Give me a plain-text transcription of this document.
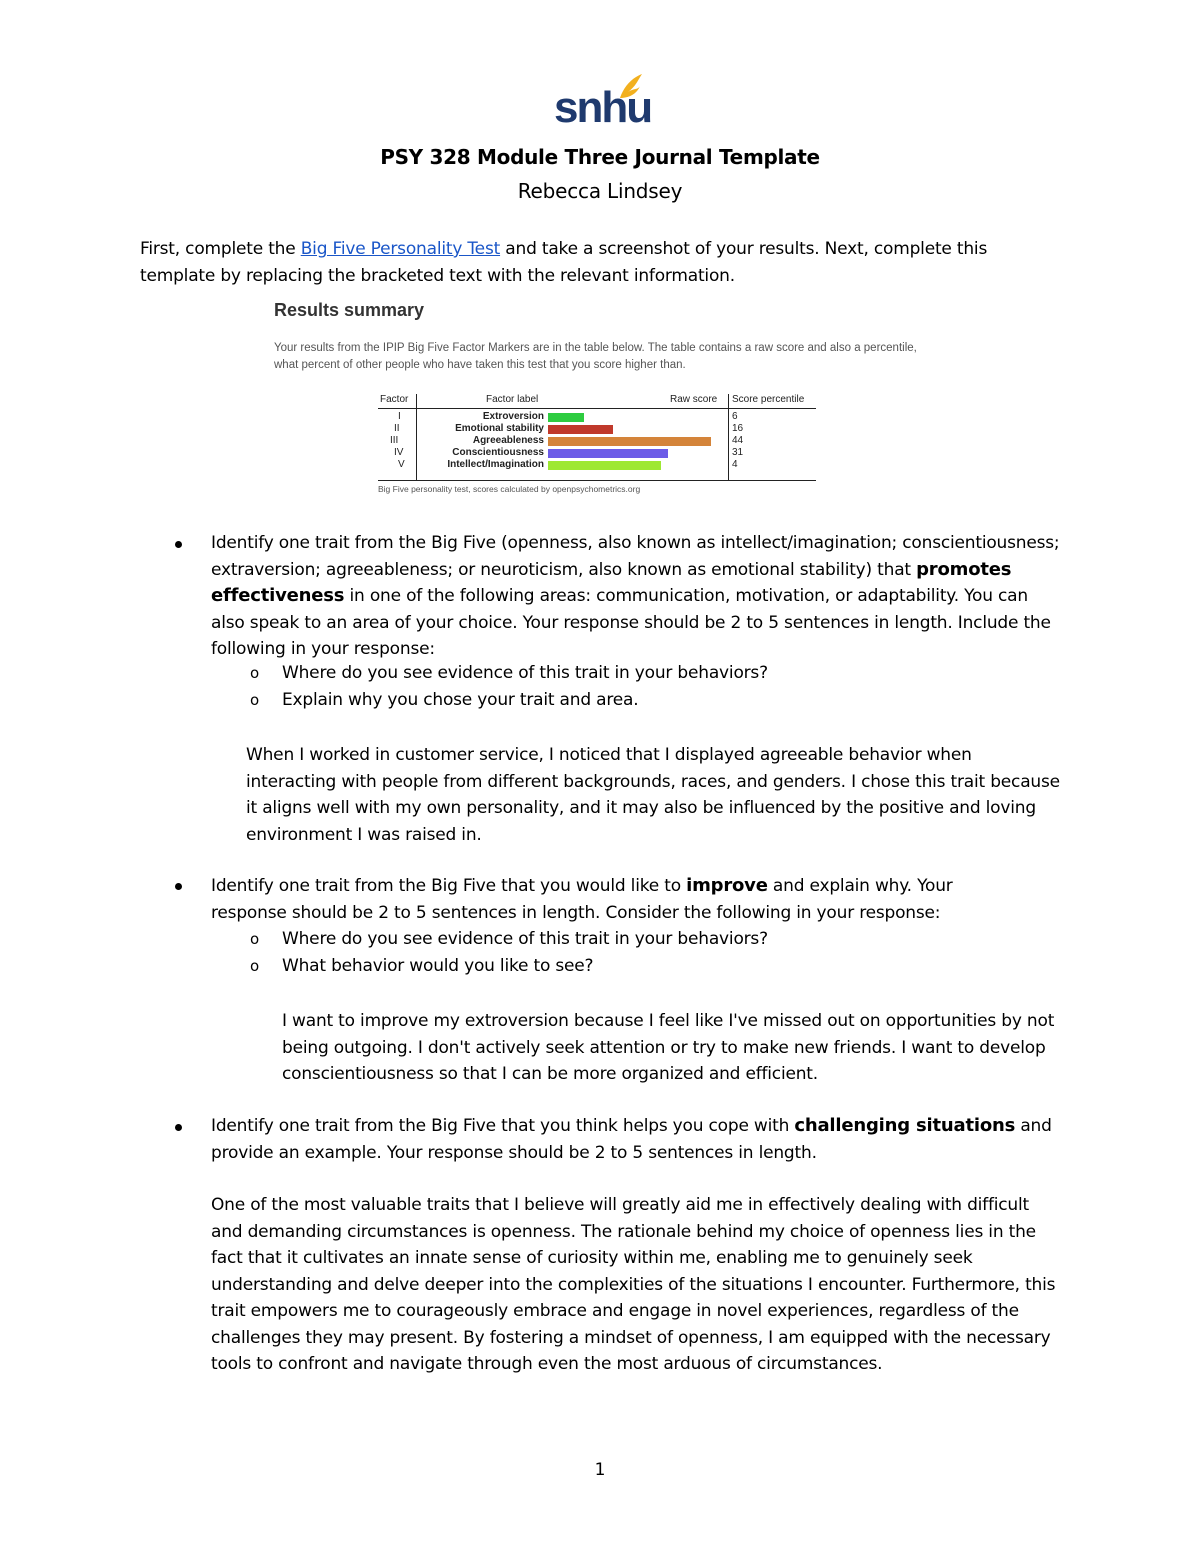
snhu
PSY 328 Module Three Journal Template
Rebecca Lindsey
First, complete the Big Five Personality Test and take a screenshot of your results. Next, complete this template by replacing the bracketed text with the relevant information.
Results summary
Your results from the IPIP Big Five Factor Markers are in the table below. The table contains a raw score and also a percentile, what percent of other people who have taken this test that you score higher than.
Factor	Factor label	Raw score Score percentile
I	Extroversion	6
II	Emotional stability	16
III	Agreeableness	44
IV	Conscientiousness	31
V	Intellect/Imagination	4
Big Five personality test, scores calculated by openpsychometrics.org
Identify one trait from the Big Five (openness, also known as intellect/imagination; conscientiousness; extraversion; agreeableness; or neuroticism, also known as emotional stability) that promotes effectiveness in one of the following areas: communication, motivation, or adaptability. You can also speak to an area of your choice. Your response should be 2 to 5 sentences in length. Include the following in your response:
o Where do you see evidence of this trait in your behaviors?
o Explain why you chose your trait and area.
When I worked in customer service, I noticed that I displayed agreeable behavior when interacting with people from different backgrounds, races, and genders. I chose this trait because it aligns well with my own personality, and it may also be influenced by the positive and loving environment I was raised in.
Identify one trait from the Big Five that you would like to improve and explain why. Your response should be 2 to 5 sentences in length. Consider the following in your response:
o Where do you see evidence of this trait in your behaviors?
o What behavior would you like to see?
I want to improve my extroversion because I feel like I've missed out on opportunities by not being outgoing. I don't actively seek attention or try to make new friends. I want to develop conscientiousness so that I can be more organized and efficient.
Identify one trait from the Big Five that you think helps you cope with challenging situations and provide an example. Your response should be 2 to 5 sentences in length.
One of the most valuable traits that I believe will greatly aid me in effectively dealing with difficult and demanding circumstances is openness. The rationale behind my choice of openness lies in the fact that it cultivates an innate sense of curiosity within me, enabling me to genuinely seek understanding and delve deeper into the complexities of the situations I encounter. Furthermore, this trait empowers me to courageously embrace and engage in novel experiences, regardless of the challenges they may present. By fostering a mindset of openness, I am equipped with the necessary tools to confront and navigate through even the most arduous of circumstances.
1
